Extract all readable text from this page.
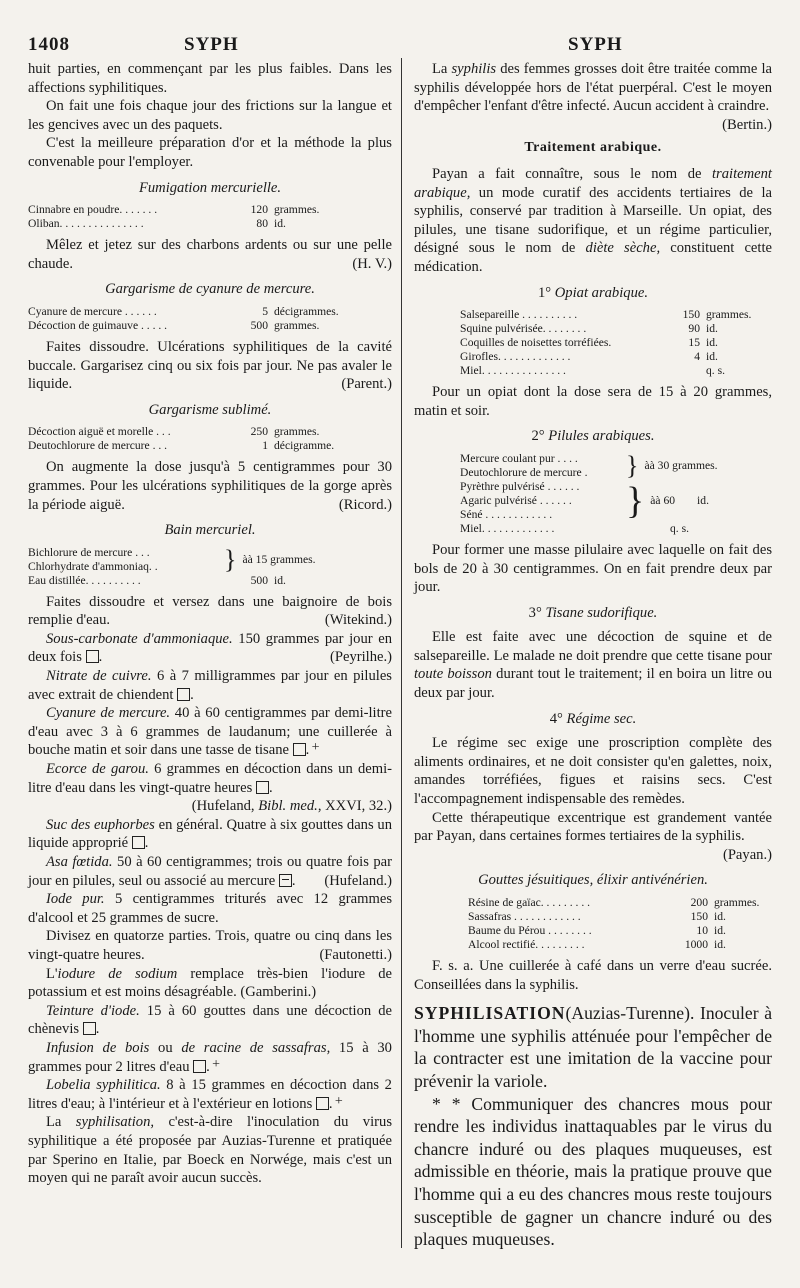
1408	SYPH	SYPH

huit parties, en commençant par les plus faibles. Dans les affections syphilitiques.

On fait une fois chaque jour des frictions sur la langue et les gencives avec un des paquets.

C'est la meilleure préparation d'or et la méthode la plus convenable pour l'employer.

Fumigation mercurielle.

Cinnabre en poudre. . . . . . .	120 grammes.
Oliban. . . . . . . . . . . . . . .	80 id.

Mêlez et jetez sur des charbons ardents ou sur une pelle chaude.	(H. V.)

Gargarisme de cyanure de mercure.

Cyanure de mercure . . . . . .	5 décigrammes.
Décoction de guimauve . . . . .	500 grammes.

Faites dissoudre. Ulcérations syphilitiques de la cavité buccale. Gargarisez cinq ou six fois par jour. Ne pas avaler le liquide.	(Parent.)

Gargarisme sublimé.

Décoction aiguë et morelle . . .	250 grammes.
Deutochlorure de mercure . . .	1 décigramme.

On augmente la dose jusqu'à 5 centigrammes pour 30 grammes. Pour les ulcérations syphilitiques de la gorge après la période aiguë.	(Ricord.)

Bain mercuriel.

Bichlorure de mercure . . .
Chlorhydrate d'ammoniaq. .	} àà 15 grammes.
Eau distillée. . . . . . . . . .	500 id.

Faites dissoudre et versez dans une baignoire de bois remplie d'eau.	(Witekind.)

Sous-carbonate d'ammoniaque. 150 grammes par jour en deux fois .	(Peyrilhe.)

Nitrate de cuivre. 6 à 7 milligrammes par jour en pilules avec extrait de chiendent .

Cyanure de mercure. 40 à 60 centigrammes par demi-litre d'eau avec 3 à 6 grammes de laudanum; une cuillerée à bouche matin et soir dans une tasse de tisane +.

Ecorce de garou. 6 grammes en décoction dans un demi-litre d'eau dans les vingt-quatre heures .
(Hufeland, Bibl. med., XXVI, 32.)

Suc des euphorbes en général. Quatre à six gouttes dans un liquide approprié .

Asa fœtida. 50 à 60 centigrammes; trois ou quatre fois par jour en pilules, seul ou associé au mercure .	(Hufeland.)

Iode pur. 5 centigrammes triturés avec 12 grammes d'alcool et 25 grammes de sucre.

Divisez en quatorze parties. Trois, quatre ou cinq dans les vingt-quatre heures.	(Fautonetti.)

L'iodure de sodium remplace très-bien l'iodure de potassium et est moins désagréable. (Gamberini.)

Teinture d'iode. 15 à 60 gouttes dans une décoction de chènevis .

Infusion de bois ou de racine de sassafras, 15 à 30 grammes pour 2 litres d'eau +.

Lobelia syphilitica. 8 à 15 grammes en décoction dans 2 litres d'eau; à l'intérieur et à l'extérieur en lotions +.

La syphilisation, c'est-à-dire l'inoculation du virus syphilitique a été proposée par Auzias-Turenne et pratiquée par Sperino en Italie, par Boeck en Norwége, mais c'est un moyen qui ne paraît avoir aucun succès.

La syphilis des femmes grosses doit être traitée comme la syphilis développée hors de l'état puerpéral. C'est le moyen d'empêcher l'enfant d'être infecté. Aucun accident à craindre.
(Bertin.)

Traitement arabique.

Payan a fait connaître, sous le nom de traitement arabique, un mode curatif des accidents tertiaires de la syphilis, conservé par tradition à Marseille. Un opiat, des pilules, une tisane sudorifique, et un régime particulier, désigné sous le nom de diète sèche, constituent cette médication.

1° Opiat arabique.

Salsepareille . . . . . . . . . .	150 grammes.
Squine pulvérisée. . . . . . . .	90 id.
Coquilles de noisettes torréfiées.	15 id.
Girofles. . . . . . . . . . . . .	4 id.
Miel. . . . . . . . . . . . . . .	q. s.

Pour un opiat dont la dose sera de 15 à 20 grammes, matin et soir.

2° Pilules arabiques.

Mercure coulant pur . . . .
Deutochlorure de mercure .	} àà 30 grammes.
Pyrèthre pulvérisé . . . . . .
Agaric pulvérisé . . . . . .
Séné . . . . . . . . . . . .	} àà 60 id.
Miel. . . . . . . . . . . . .	q. s.

Pour former une masse pilulaire avec laquelle on fait des bols de 20 à 30 centigrammes. On en fait prendre deux par jour.

3° Tisane sudorifique.

Elle est faite avec une décoction de squine et de salsepareille. Le malade ne doit prendre que cette tisane pour toute boisson durant tout le traitement; il en boira un litre ou deux par jour.

4° Régime sec.

Le régime sec exige une proscription complète des aliments ordinaires, et ne doit consister qu'en galettes, noix, amandes torréfiées, figues et raisins secs. C'est l'accompagnement indispensable des remèdes.

Cette thérapeutique excentrique est grandement vantée par Payan, dans certaines formes tertiaires de la syphilis.
(Payan.)

Gouttes jésuitiques, élixir antivénérien.

Résine de gaïac. . . . . . . . .	200 grammes.
Sassafras . . . . . . . . . . . .	150 id.
Baume du Pérou . . . . . . . .	10 id.
Alcool rectifié. . . . . . . . .	1000 id.

F. s. a. Une cuillerée à café dans un verre d'eau sucrée. Conseillées dans la syphilis.

SYPHILISATION(Auzias-Turenne). Inoculer à l'homme une syphilis atténuée pour l'empêcher de la contracter est une imitation de la vaccine pour prévenir la variole.

* * Communiquer des chancres mous pour rendre les individus inattaquables par le virus du chancre induré ou des plaques muqueuses, est admissible en théorie, mais la pratique prouve que l'homme qui a eu des chancres mous reste toujours susceptible de gagner un chancre induré ou des plaques muqueuses.
